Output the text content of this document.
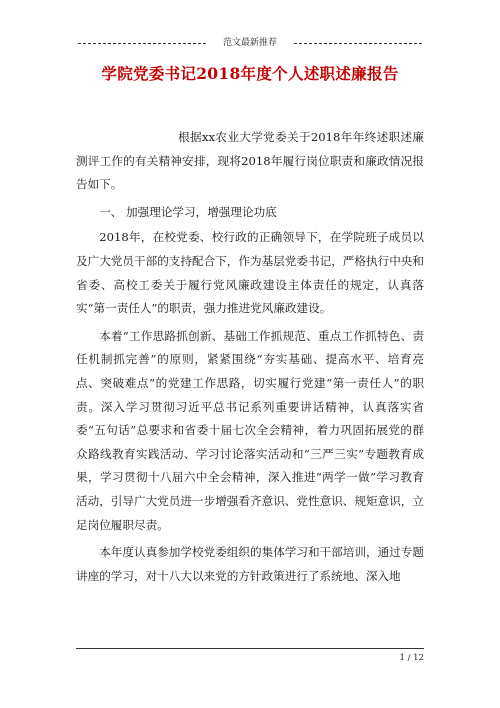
范文最新推荐
学院党委书记2018年度个人述职述廉报告

根据xx农业大学党委关于2018年年终述职述廉测评工作的有关精神安排，现将2018年履行岗位职责和廉政情况报告如下。

一、 加强理论学习，增强理论功底

2018年，在校党委、校行政的正确领导下，在学院班子成员以及广大党员干部的支持配合下，作为基层党委书记，严格执行中央和省委、高校工委关于履行党风廉政建设主体责任的规定，认真落实“第一责任人”的职责，强力推进党风廉政建设。

本着“工作思路抓创新、基础工作抓规范、重点工作抓特色、责任机制抓完善”的原则，紧紧围绕“夯实基础、提高水平、培育亮点、突破难点”的党建工作思路，切实履行党建“第一责任人”的职责。深入学习贯彻习近平总书记系列重要讲话精神，认真落实省委“五句话”总要求和省委十届七次全会精神，着力巩固拓展党的群众路线教育实践活动、学习讨论落实活动和“三严三实”专题教育成果，学习贯彻十八届六中全会精神，深入推进“两学一做”学习教育活动，引导广大党员进一步增强看齐意识、党性意识、规矩意识，立足岗位履职尽责。

本年度认真参加学校党委组织的集体学习和干部培训，通过专题讲座的学习，对十八大以来党的方针政策进行了系统地、深入地

1 / 12
